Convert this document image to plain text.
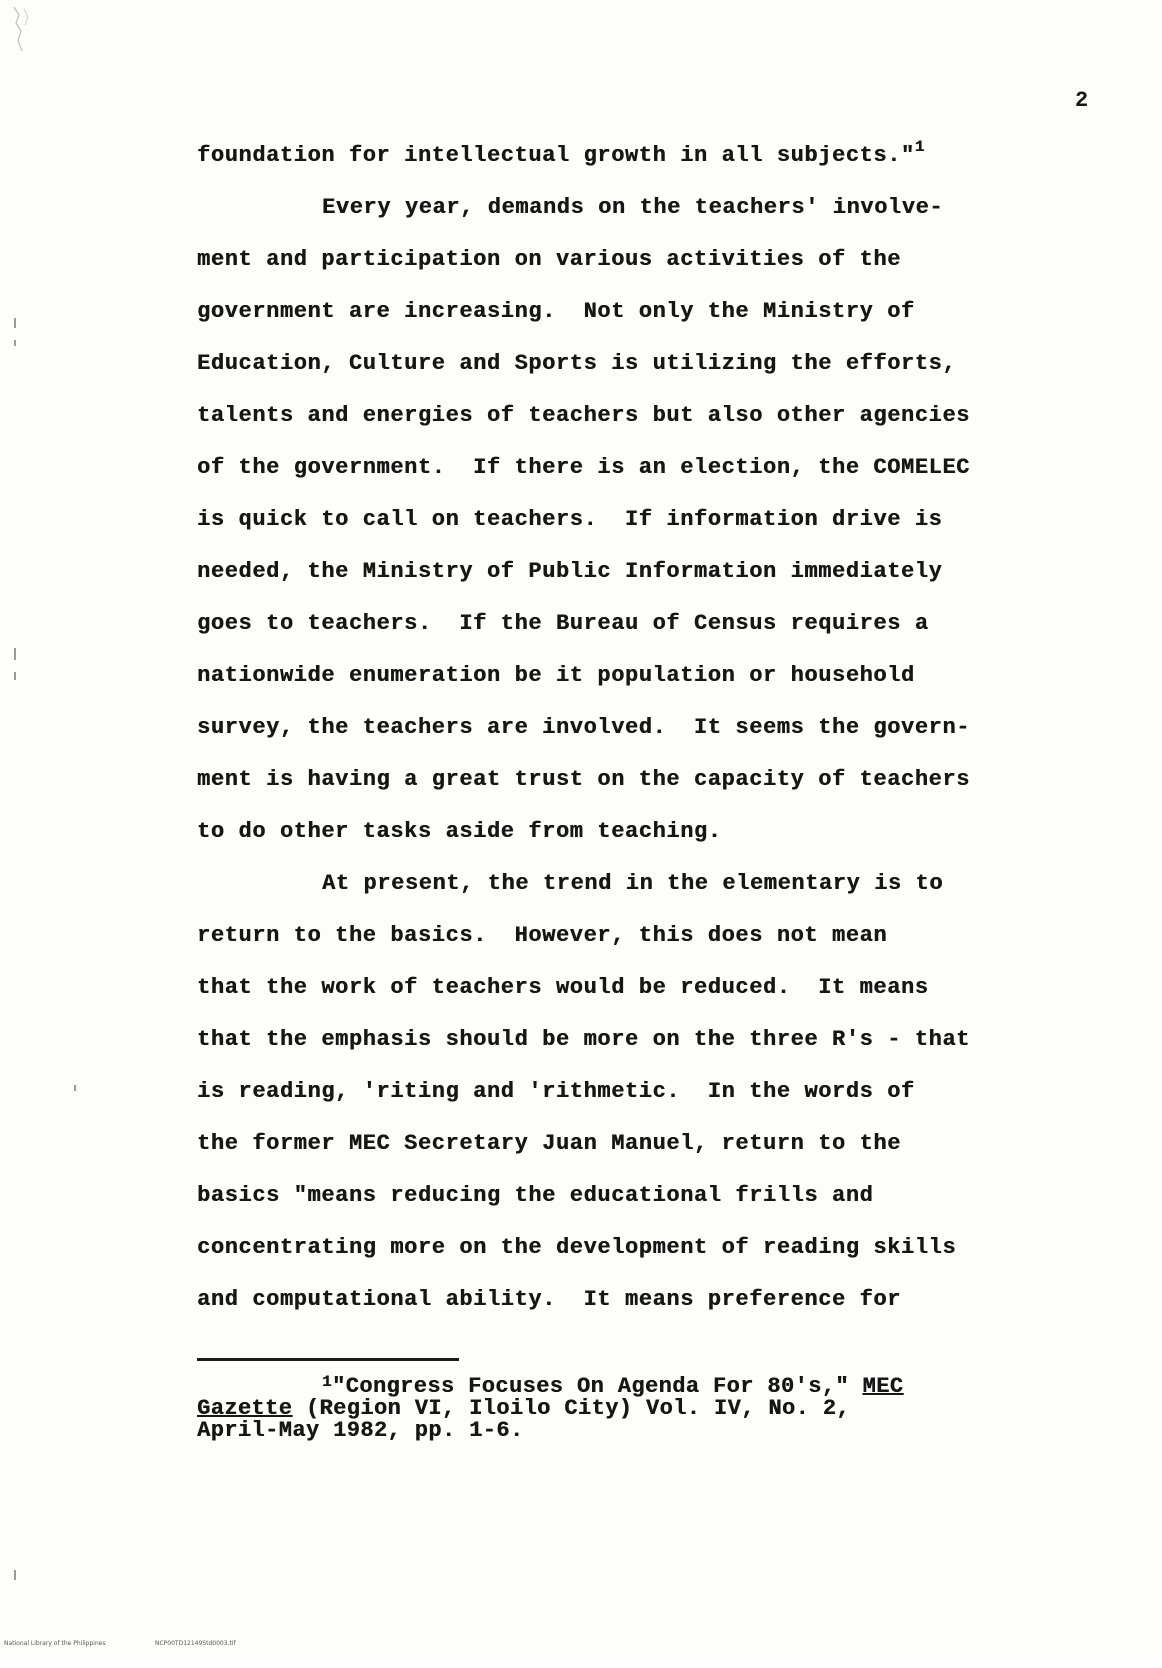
2
foundation for intellectual growth in all subjects."$^1$
Every year, demands on the teachers' involve-
ment and participation on various activities of the
government are increasing.  Not only the Ministry of
Education, Culture and Sports is utilizing the efforts,
talents and energies of teachers but also other agencies
of the government.  If there is an election, the COMELEC
is quick to call on teachers.  If information drive is
needed, the Ministry of Public Information immediately
goes to teachers.  If the Bureau of Census requires a
nationwide enumeration be it population or household
survey, the teachers are involved.  It seems the govern-
ment is having a great trust on the capacity of teachers
to do other tasks aside from teaching.
At present, the trend in the elementary is to
return to the basics.  However, this does not mean
that the work of teachers would be reduced.  It means
that the emphasis should be more on the three R's - that
is reading, 'riting and 'rithmetic.  In the words of
the former MEC Secretary Juan Manuel, return to the
basics "means reducing the educational frills and
concentrating more on the development of reading skills
and computational ability.  It means preference for
$^1$"Congress Focuses On Agenda For 80's," MEC
Gazette (Region VI, Iloilo City) Vol. IV, No. 2,
April-May 1982, pp. 1-6.

National Library of the Philippines

	NCP00TD12149Std0003.tif
